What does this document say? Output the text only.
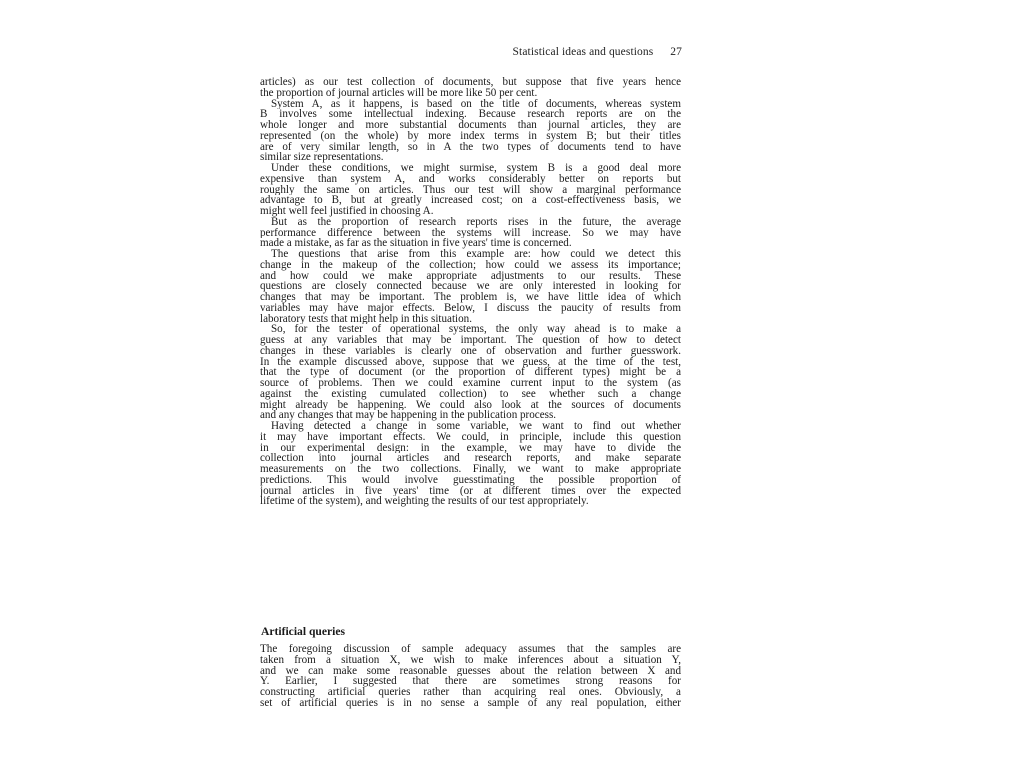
Statistical ideas and questions 27
articles) as our test collection of documents, but suppose that five years hence
the proportion of journal articles will be more like 50 per cent.
System A, as it happens, is based on the title of documents, whereas system
B involves some intellectual indexing. Because research reports are on the
whole longer and more substantial documents than journal articles, they are
represented (on the whole) by more index terms in system B; but their titles
are of very similar length, so in A the two types of documents tend to have
similar size representations.
Under these conditions, we might surmise, system B is a good deal more
expensive than system A, and works considerably better on reports but
roughly the same on articles. Thus our test will show a marginal performance
advantage to B, but at greatly increased cost; on a cost-effectiveness basis, we
might well feel justified in choosing A.
But as the proportion of research reports rises in the future, the average
performance difference between the systems will increase. So we may have
made a mistake, as far as the situation in five years' time is concerned.
The questions that arise from this example are: how could we detect this
change in the makeup of the collection; how could we assess its importance;
and how could we make appropriate adjustments to our results. These
questions are closely connected because we are only interested in looking for
changes that may be important. The problem is, we have little idea of which
variables may have major effects. Below, I discuss the paucity of results from
laboratory tests that might help in this situation.
So, for the tester of operational systems, the only way ahead is to make a
guess at any variables that may be important. The question of how to detect
changes in these variables is clearly one of observation and further guesswork.
In the example discussed above, suppose that we guess, at the time of the test,
that the type of document (or the proportion of different types) might be a
source of problems. Then we could examine current input to the system (as
against the existing cumulated collection) to see whether such a change
might already be happening. We could also look at the sources of documents
and any changes that may be happening in the publication process.
Having detected a change in some variable, we want to find out whether
it may have important effects. We could, in principle, include this question
in our experimental design: in the example, we may have to divide the
collection into journal articles and research reports, and make separate
measurements on the two collections. Finally, we want to make appropriate
predictions. This would involve guesstimating the possible proportion of
journal articles in five years' time (or at different times over the expected
lifetime of the system), and weighting the results of our test appropriately.
Artificial queries
The foregoing discussion of sample adequacy assumes that the samples are
taken from a situation X, we wish to make inferences about a situation Y,
and we can make some reasonable guesses about the relation between X and
Y. Earlier, I suggested that there are sometimes strong reasons for
constructing artificial queries rather than acquiring real ones. Obviously, a
set of artificial queries is in no sense a sample of any real population, either
